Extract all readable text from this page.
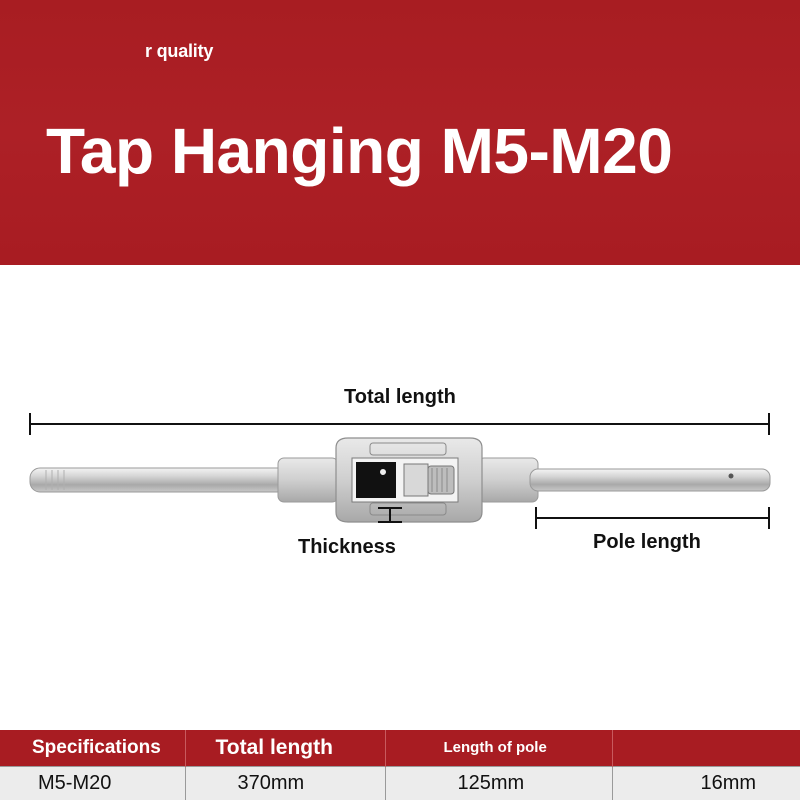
r quality
Tap Hanging M5-M20
Total length
Thickness	Pole length
Specifications	Total length	Length of pole	
M5-M20	370mm	125mm	16mm
